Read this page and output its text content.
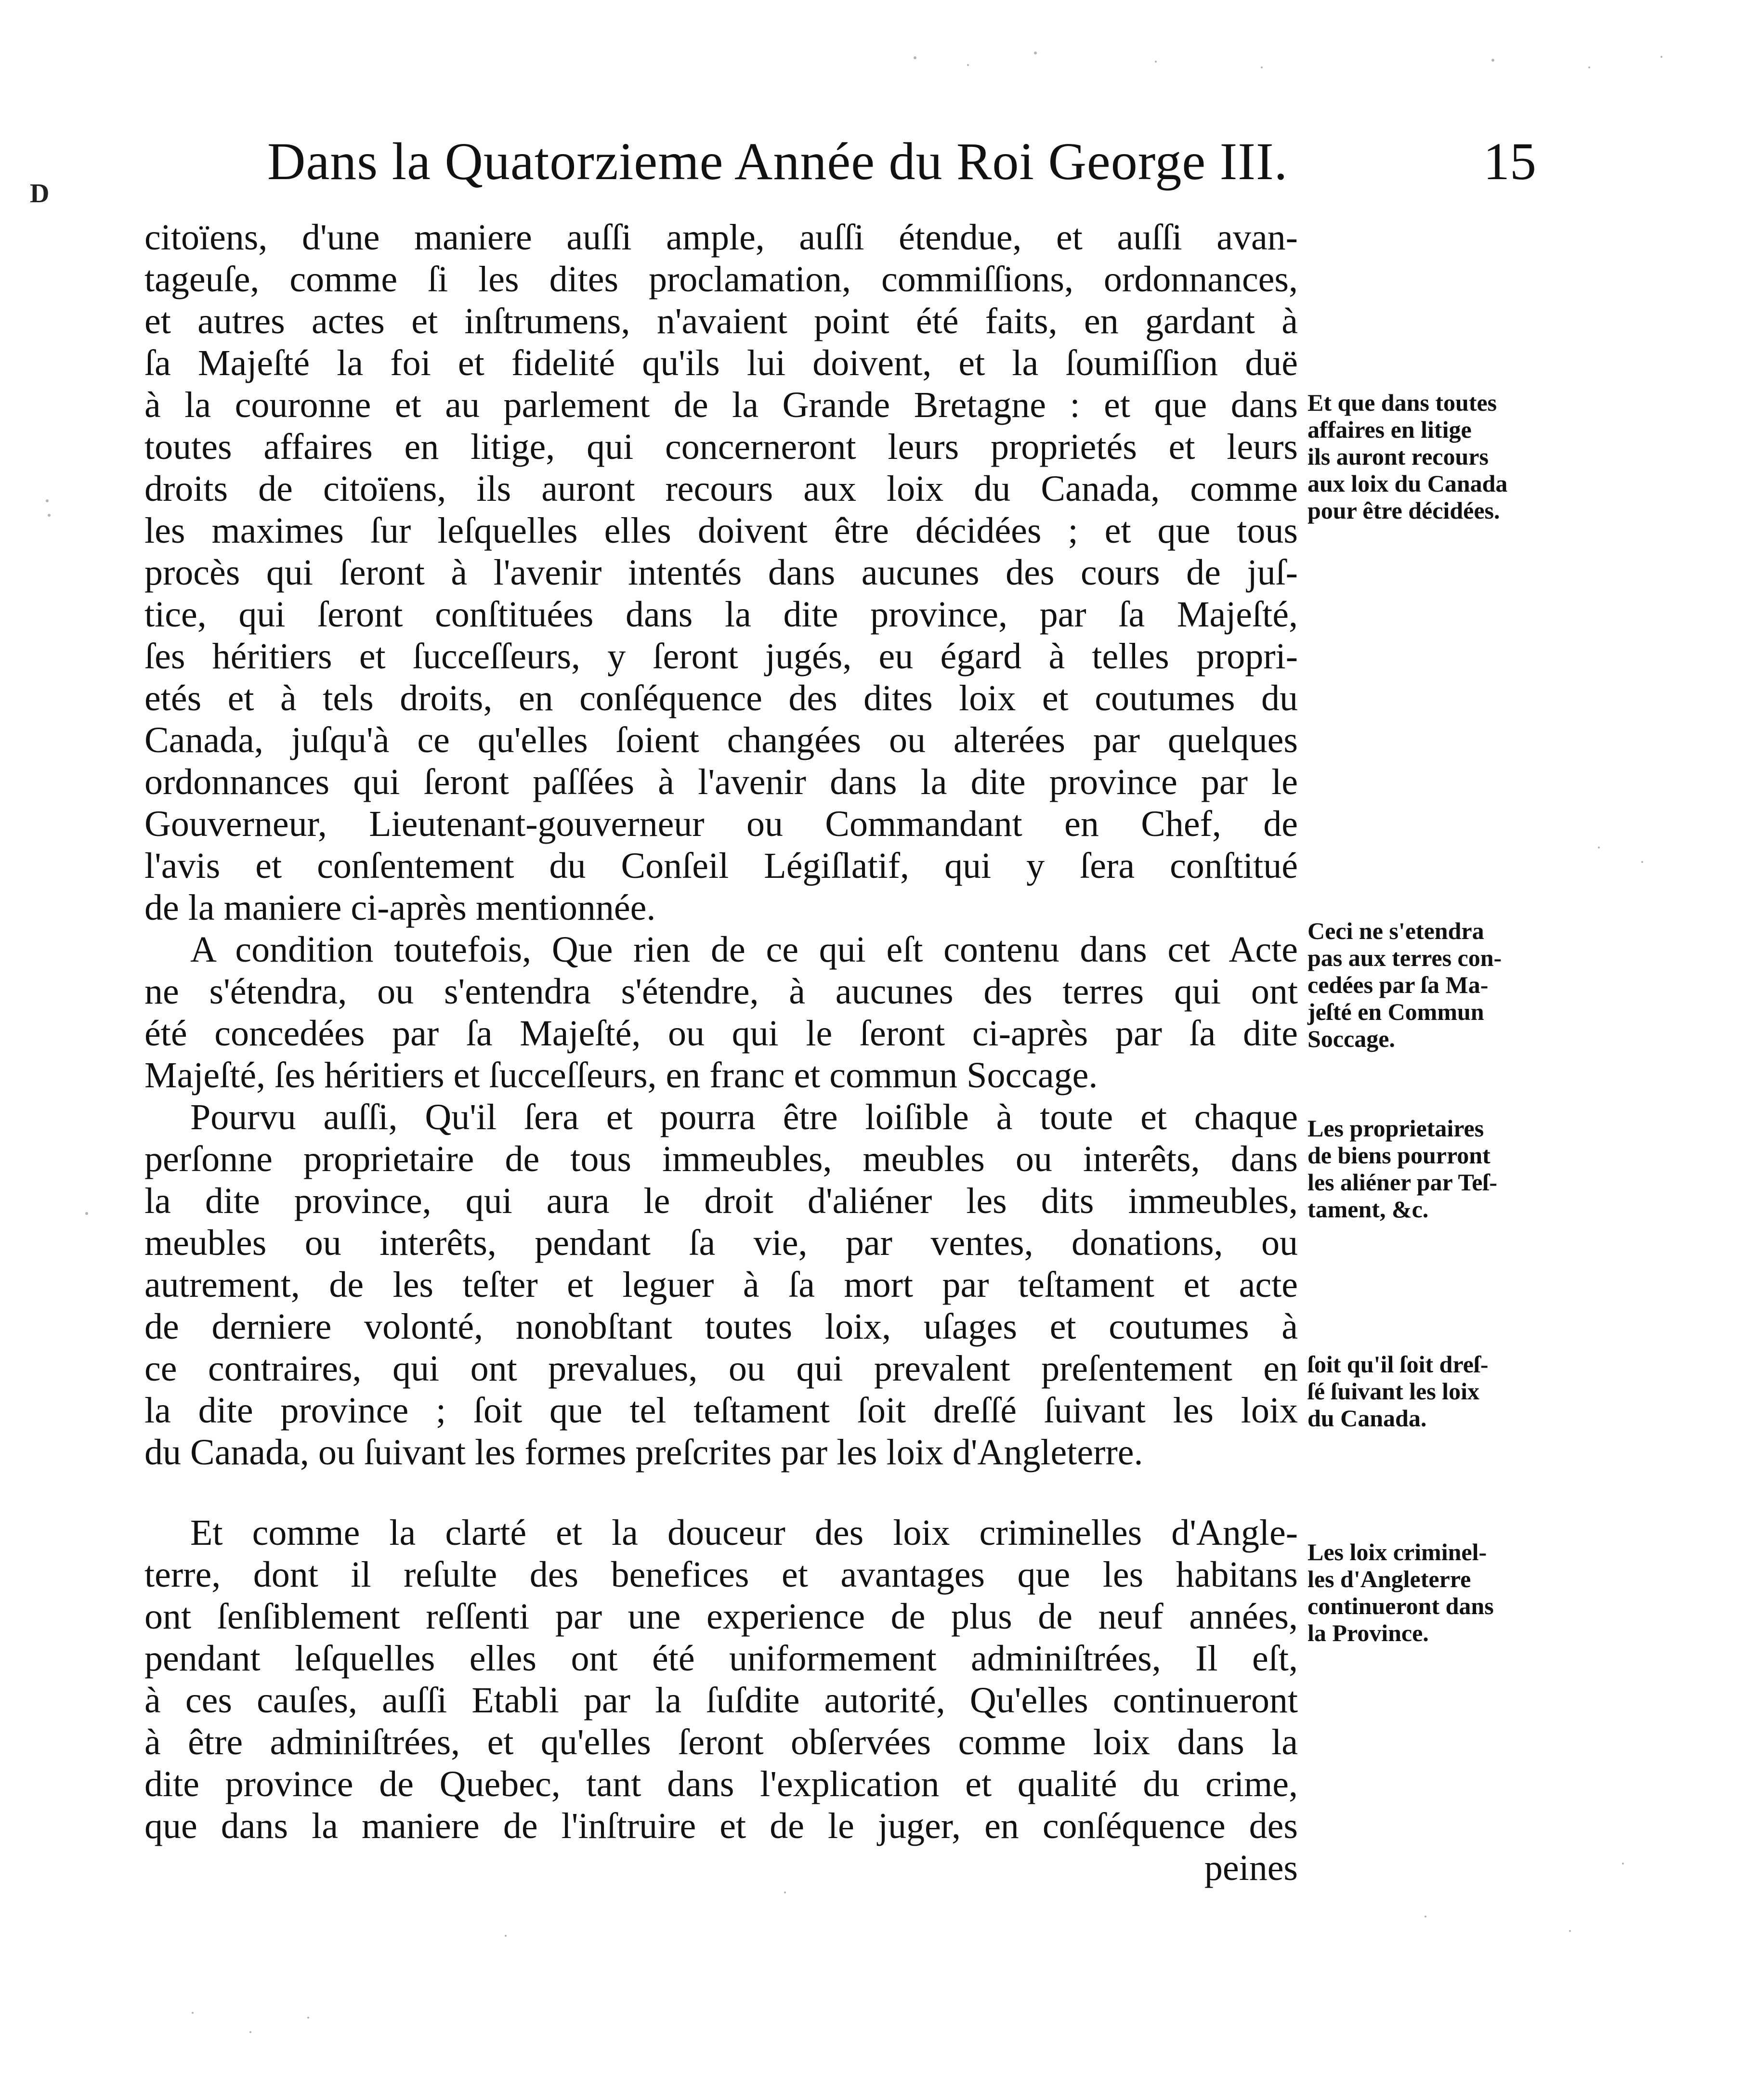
D
Dans la Quatorzieme Année du Roi George III.	15

citoïens, d'une maniere auſſi ample, auſſi étendue, et auſſi avan-
tageuſe, comme ſi les dites proclamation, commiſſions, ordonnances,
et autres actes et inſtrumens, n'avaient point été faits, en gardant à
ſa Majeſté la foi et fidelité qu'ils lui doivent, et la ſoumiſſion duë
à la couronne et au parlement de la Grande Bretagne : et que dans
toutes affaires en litige, qui concerneront leurs proprietés et leurs
droits de citoïens, ils auront recours aux loix du Canada, comme
les maximes ſur leſquelles elles doivent être décidées ; et que tous
procès qui ſeront à l'avenir intentés dans aucunes des cours de juſ-
tice, qui ſeront conſtituées dans la dite province, par ſa Majeſté,
ſes héritiers et ſucceſſeurs, y ſeront jugés, eu égard à telles propri-
etés et à tels droits, en conſéquence des dites loix et coutumes du
Canada, juſqu'à ce qu'elles ſoient changées ou alterées par quelques
ordonnances qui ſeront paſſées à l'avenir dans la dite province par le
Gouverneur, Lieutenant-gouverneur ou Commandant en Chef, de
l'avis et conſentement du Conſeil Légiſlatif, qui y ſera conſtitué
de la maniere ci-après mentionnée.

A condition toutefois, Que rien de ce qui eſt contenu dans cet Acte
ne s'étendra, ou s'entendra s'étendre, à aucunes des terres qui ont
été concedées par ſa Majeſté, ou qui le ſeront ci-après par ſa dite
Majeſté, ſes héritiers et ſucceſſeurs, en franc et commun Soccage.

Pourvu auſſi, Qu'il ſera et pourra être loiſible à toute et chaque
perſonne proprietaire de tous immeubles, meubles ou interêts, dans
la dite province, qui aura le droit d'aliéner les dits immeubles,
meubles ou interêts, pendant ſa vie, par ventes, donations, ou
autrement, de les teſter et leguer à ſa mort par teſtament et acte
de derniere volonté, nonobſtant toutes loix, uſages et coutumes à
ce contraires, qui ont prevalues, ou qui prevalent preſentement en
la dite province ; ſoit que tel teſtament ſoit dreſſé ſuivant les loix
du Canada, ou ſuivant les formes preſcrites par les loix d'Angleterre.

Et comme la clarté et la douceur des loix criminelles d'Angle-
terre, dont il reſulte des benefices et avantages que les habitans
ont ſenſiblement reſſenti par une experience de plus de neuf années,
pendant leſquelles elles ont été uniformement adminiſtrées, Il eſt,
à ces cauſes, auſſi Etabli par la ſuſdite autorité, Qu'elles continueront
à être adminiſtrées, et qu'elles ſeront obſervées comme loix dans la
dite province de Quebec, tant dans l'explication et qualité du crime,
que dans la maniere de l'inſtruire et de le juger, en conſéquence des
peines

Et que dans toutes
affaires en litige
ils auront recours
aux loix du Canada
pour être décidées.
Ceci ne s'etendra
pas aux terres con-
cedées par ſa Ma-
jeſté en Commun
Soccage.
Les proprietaires
de biens pourront
les aliéner par Teſ-
tament, &c.
ſoit qu'il ſoit dreſ-
ſé ſuivant les loix
du Canada.
Les loix criminel-
les d'Angleterre
continueront dans
la Province.
